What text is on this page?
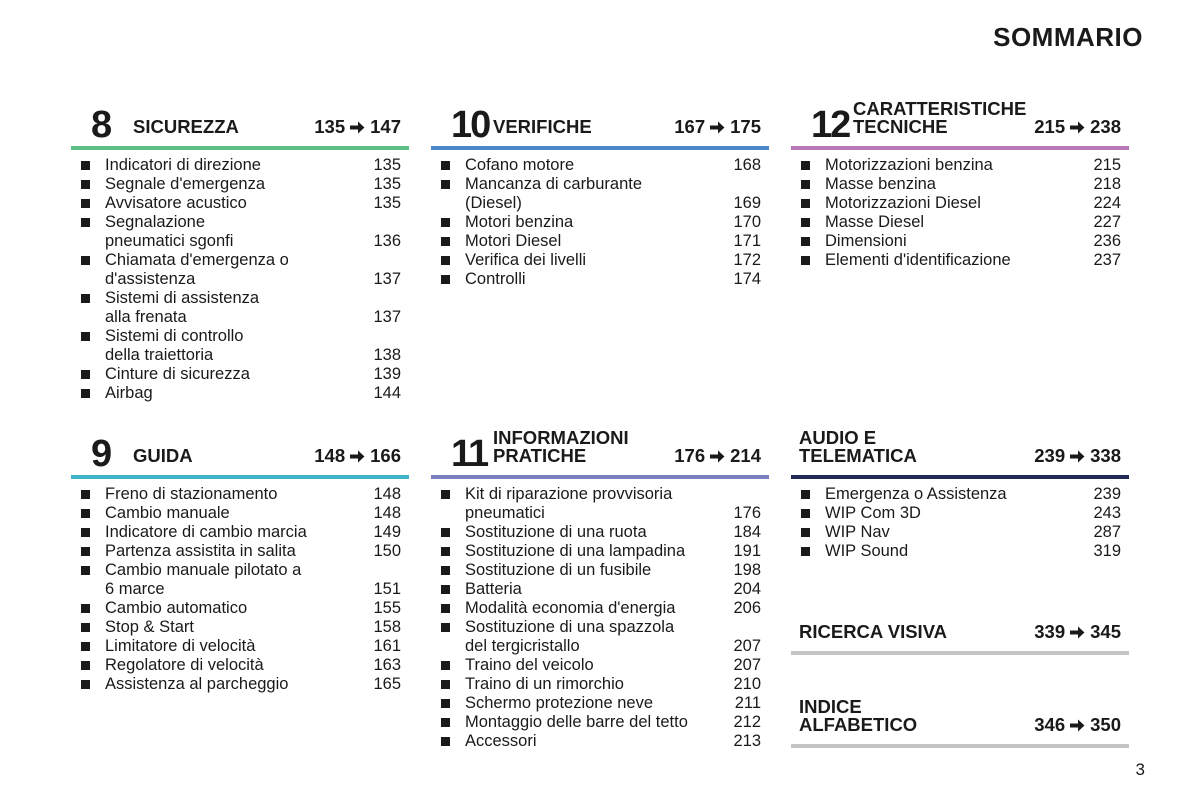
SOMMARIO
8 SICUREZZA	135 147
Indicatori di direzione	135
Segnale d'emergenza	135
Avvisatore acustico	135
Segnalazione
pneumatici sgonfi	136
Chiamata d'emergenza o
d'assistenza	137
Sistemi di assistenza
alla frenata	137
Sistemi di controllo
della traiettoria	138
Cinture di sicurezza	139
Airbag	144
10 VERIFICHE	167 175
Cofano motore	168
Mancanza di carburante
(Diesel)	169
Motori benzina	170
Motori Diesel	171
Verifica dei livelli	172
Controlli	174
12 CARATTERISTICHE
TECNICHE	215 238
Motorizzazioni benzina	215
Masse benzina	218
Motorizzazioni Diesel	224
Masse Diesel	227
Dimensioni	236
Elementi d'identificazione	237
9 GUIDA	148 166
Freno di stazionamento	148
Cambio manuale	148
Indicatore di cambio marcia	149
Partenza assistita in salita	150
Cambio manuale pilotato a
6 marce	151
Cambio automatico	155
Stop & Start	158
Limitatore di velocità	161
Regolatore di velocità	163
Assistenza al parcheggio	165
11 INFORMAZIONI
PRATICHE	176 214
Kit di riparazione provvisoria
pneumatici	176
Sostituzione di una ruota	184
Sostituzione di una lampadina	191
Sostituzione di un fusibile	198
Batteria	204
Modalità economia d'energia	206
Sostituzione di una spazzola
del tergicristallo	207
Traino del veicolo	207
Traino di un rimorchio	210
Schermo protezione neve	211
Montaggio delle barre del tetto	212
Accessori	213
AUDIO E
TELEMATICA	239 338
Emergenza o Assistenza	239
WIP Com 3D	243
WIP Nav	287
WIP Sound	319
RICERCA VISIVA	339 345
INDICE
ALFABETICO	346 350
3
